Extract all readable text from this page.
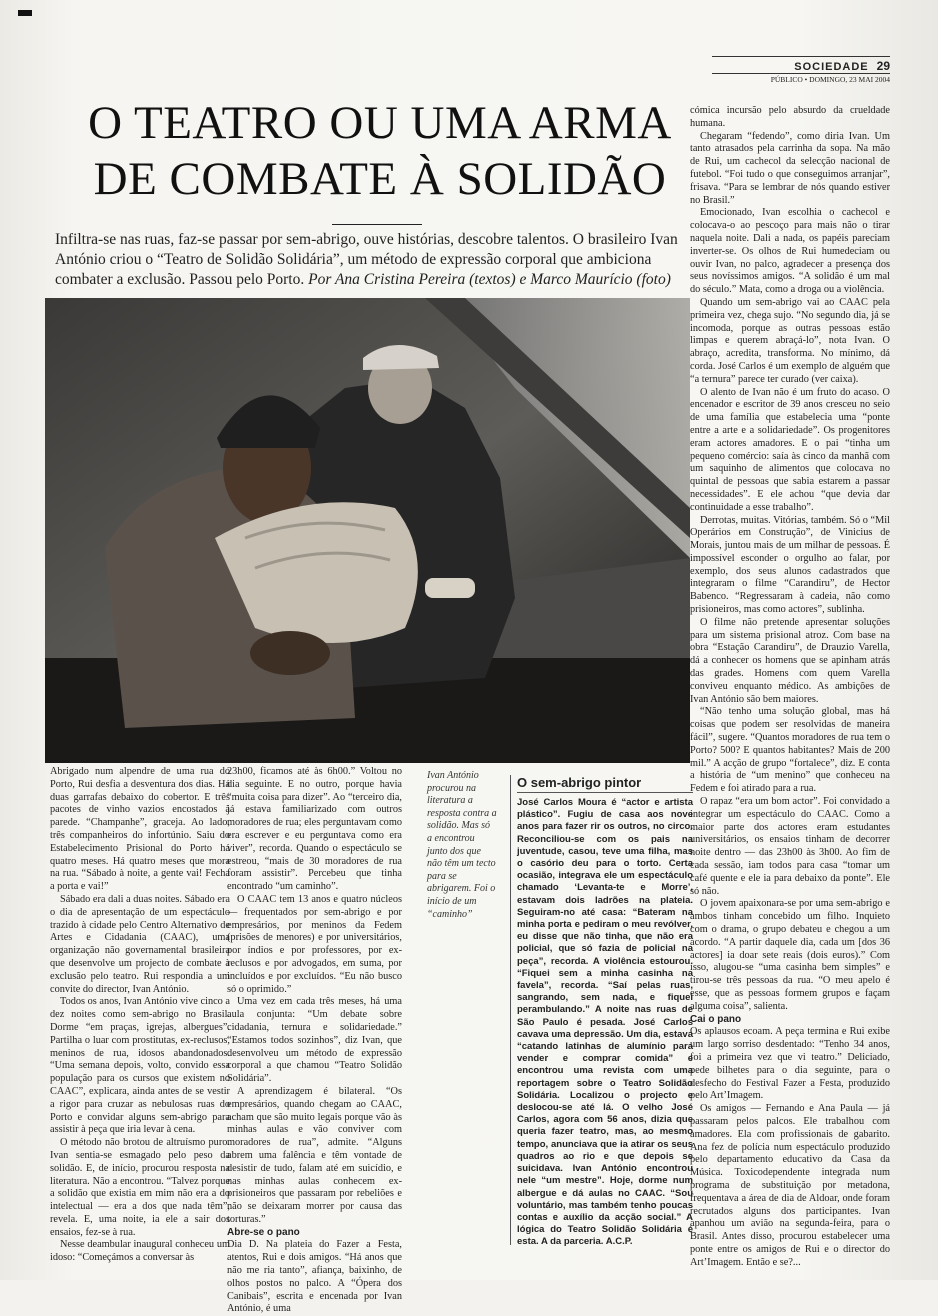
SOCIEDADE 29
PÚBLICO • DOMINGO, 23 MAI 2004
O TEATRO OU UMA ARMA
DE COMBATE À SOLIDÃO

Infiltra-se nas ruas, faz-se passar por sem-abrigo, ouve histórias, descobre talentos. O brasileiro Ivan António criou o “Teatro de Solidão Solidária”, um método de expressão corporal que ambiciona combater a exclusão. Passou pelo Porto. Por Ana Cristina Pereira (textos) e Marco Maurício (foto)

Abrigado num alpendre de uma rua do Porto, Rui desfia a desventura dos dias. Há duas garrafas debaixo do cobertor. E três pacotes de vinho vazios encostados à parede. “Champanhe”, graceja. Ao lado, três companheiros do infortúnio. Saiu do Estabelecimento Prisional do Porto há quatro meses. Há quatro meses que mora na rua. “Sábado à noite, a gente vai! Fecha a porta e vai!”

Sábado era dali a duas noites. Sábado era o dia de apresentação de um espectáculo trazido à cidade pelo Centro Alternativo de Artes e Cidadania (CAAC), uma organização não governamental brasileira que desenvolve um projecto de combate à exclusão pelo teatro. Rui respondia a um convite do director, Ivan António.

Todos os anos, Ivan António vive cinco a dez noites como sem-abrigo no Brasil. Dorme “em praças, igrejas, albergues”. Partilha o luar com prostitutas, ex-reclusos, meninos de rua, idosos abandonados. “Uma semana depois, volto, convido essa população para os cursos que existem no CAAC”, explicara, ainda antes de se vestir a rigor para cruzar as nebulosas ruas do Porto e convidar alguns sem-abrigo para assistir à peça que iria levar à cena.

O método não brotou de altruísmo puro. Ivan sentia-se esmagado pelo peso da solidão. E, de início, procurou resposta na literatura. Não a encontrou. “Talvez porque a solidão que existia em mim não era a do intelectual — era a dos que nada têm”, revela. E, uma noite, ia ele a sair dos ensaios, fez-se à rua.

Nesse deambular inaugural conheceu um idoso: “Começámos a conversar às

23h00, ficamos até às 6h00.” Voltou no dia seguinte. E no outro, porque havia “muita coisa para dizer”. Ao “terceiro dia, já estava familiarizado com outros moradores de rua; eles perguntavam como era escrever e eu perguntava como era viver”, recorda. Quando o espectáculo se estreou, “mais de 30 moradores de rua foram assistir”. Percebeu que tinha encontrado “um caminho”.

O CAAC tem 13 anos e quatro núcleos — frequentados por sem-abrigo e por empresários, por meninos da Fedem (prisões de menores) e por universitários, por índios e por professores, por ex-reclusos e por advogados, em suma, por incluídos e por excluídos. “Eu não busco só o oprimido.”

Uma vez em cada três meses, há uma aula conjunta: “Um debate sobre cidadania, ternura e solidariedade.” “Estamos todos sozinhos”, diz Ivan, que desenvolveu um método de expressão corporal a que chamou “Teatro Solidão Solidária”.

A aprendizagem é bilateral. “Os empresários, quando chegam ao CAAC, acham que são muito legais porque vão às minhas aulas e vão conviver com moradores de rua”, admite. “Alguns abrem uma falência e têm vontade de desistir de tudo, falam até em suicídio, e nas minhas aulas conhecem ex-prisioneiros que passaram por rebeliões e não se deixaram morrer por causa das torturas.”

Abre-se o pano

Dia D. Na plateia do Fazer a Festa, atentos, Rui e dois amigos. “Há anos que não me ria tanto”, afiança, baixinho, de olhos postos no palco. A “Ópera dos Canibais”, escrita e encenada por Ivan António, é uma

Ivan António procurou na literatura a resposta contra a solidão. Mas só a encontrou junto dos que não têm um tecto para se abrigarem. Foi o início de um “caminho”
O sem-abrigo pintor

José Carlos Moura é “actor e artista plástico”. Fugiu de casa aos nove anos para fazer rir os outros, no circo. Reconciliou-se com os pais na juventude, casou, teve uma filha, mas o casório deu para o torto. Certa ocasião, integrava ele um espectáculo chamado ‘Levanta-te e Morre’, estavam dois ladrões na plateia. Seguiram-no até casa: “Bateram na minha porta e pediram o meu revólver, eu disse que não tinha, que não era policial, que só fazia de policial na peça”, recorda. A violência estourou. “Fiquei sem a minha casinha na favela”, recorda. “Saí pelas ruas, sangrando, sem nada, e fiquei perambulando.” A noite nas ruas de São Paulo é pesada. José Carlos cavava uma depressão. Um dia, estava “catando latinhas de alumínio para vender e comprar comida” e encontrou uma revista com uma reportagem sobre o Teatro Solidão Solidária. Localizou o projecto e deslocou-se até lá. O velho José Carlos, agora com 56 anos, dizia que queria fazer teatro, mas, ao mesmo tempo, anunciava que ia atirar os seus quadros ao rio e que depois se suicidava. Ivan António encontrou nele “um mestre”. Hoje, dorme num albergue e dá aulas no CAAC. “Sou voluntário, mas também tenho poucas contas e auxílio da acção social.” A lógica do Teatro Solidão Solidária é esta. A da parceria. A.C.P.

cómica incursão pelo absurdo da crueldade humana.

Chegaram “fedendo”, como diria Ivan. Um tanto atrasados pela carrinha da sopa. Na mão de Rui, um cachecol da selecção nacional de futebol. “Foi tudo o que conseguimos arranjar”, frisava. “Para se lembrar de nós quando estiver no Brasil.”

Emocionado, Ivan escolhia o cachecol e colocava-o ao pescoço para mais não o tirar naquela noite. Dali a nada, os papéis pareciam inverter-se. Os olhos de Rui humedeciam ou ouvir Ivan, no palco, agradecer a presença dos seus novíssimos amigos. “A solidão é um mal do século.” Mata, como a droga ou a violência.

Quando um sem-abrigo vai ao CAAC pela primeira vez, chega sujo. “No segundo dia, já se incomoda, porque as outras pessoas estão limpas e querem abraçá-lo”, nota Ivan. O abraço, acredita, transforma. No mínimo, dá corda. José Carlos é um exemplo de alguém que “a ternura” parece ter curado (ver caixa).

O alento de Ivan não é um fruto do acaso. O encenador e escritor de 39 anos cresceu no seio de uma família que estabelecia uma “ponte entre a arte e a solidariedade”. Os progenitores eram actores amadores. E o pai “tinha um pequeno comércio: saía às cinco da manhã com um saquinho de alimentos que colocava no quintal de pessoas que sabia estarem a passar necessidades”. E ele achou “que devia dar continuidade a esse trabalho”.

Derrotas, muitas. Vitórias, também. Só o “Mil Operários em Construção”, de Vinicius de Morais, juntou mais de um milhar de pessoas. É impossível esconder o orgulho ao falar, por exemplo, dos seus alunos cadastrados que integraram o filme “Carandiru”, de Hector Babenco. “Regressaram à cadeia, não como prisioneiros, mas como actores”, sublinha.

O filme não pretende apresentar soluções para um sistema prisional atroz. Com base na obra “Estação Carandiru”, de Drauzio Varella, dá a conhecer os homens que se apinham atrás das grades. Homens com quem Varella conviveu enquanto médico. As ambições de Ivan António são bem maiores.

“Não tenho uma solução global, mas há coisas que podem ser resolvidas de maneira fácil”, sugere. “Quantos moradores de rua tem o Porto? 500? E quantos habitantes? Mais de 200 mil.” A acção de grupo “fortalece”, diz. E conta a história de “um menino” que conheceu na Fedem e foi atirado para a rua.

O rapaz “era um bom actor”. Foi convidado a integrar um espectáculo do CAAC. Como a maior parte dos actores eram estudantes universitários, os ensaios tinham de decorrer noite dentro — das 23h00 às 3h00. Ao fim de cada sessão, iam todos para casa “tomar um café quente e ele ia para debaixo da ponte”. Ele só não.

O jovem apaixonara-se por uma sem-abrigo e ambos tinham concebido um filho. Inquieto com o drama, o grupo debateu e chegou a um acordo. “A partir daquele dia, cada um [dos 36 actores] ia doar sete reais (dois euros).” Com isso, alugou-se “uma casinha bem simples” e tirou-se três pessoas da rua. “O meu apelo é esse, que as pessoas formem grupos e façam alguma coisa”, salienta.

Cai o pano

Os aplausos ecoam. A peça termina e Rui exibe um largo sorriso desdentado: “Tenho 34 anos, foi a primeira vez que vi teatro.” Deliciado, pede bilhetes para o dia seguinte, para o desfecho do Festival Fazer a Festa, produzido pelo Art’Imagem.

Os amigos — Fernando e Ana Paula — já passaram pelos palcos. Ele trabalhou com amadores. Ela com profissionais de gabarito. Ana fez de polícia num espectáculo produzido pelo departamento educativo da Casa da Música. Toxicodependente integrada num programa de substituição por metadona, frequentava a área de dia de Aldoar, onde foram recrutados alguns dos participantes. Ivan apanhou um avião na segunda-feira, para o Brasil. Antes disso, procurou estabelecer uma ponte entre os amigos de Rui e o director do Art’Imagem. Então e se?...
